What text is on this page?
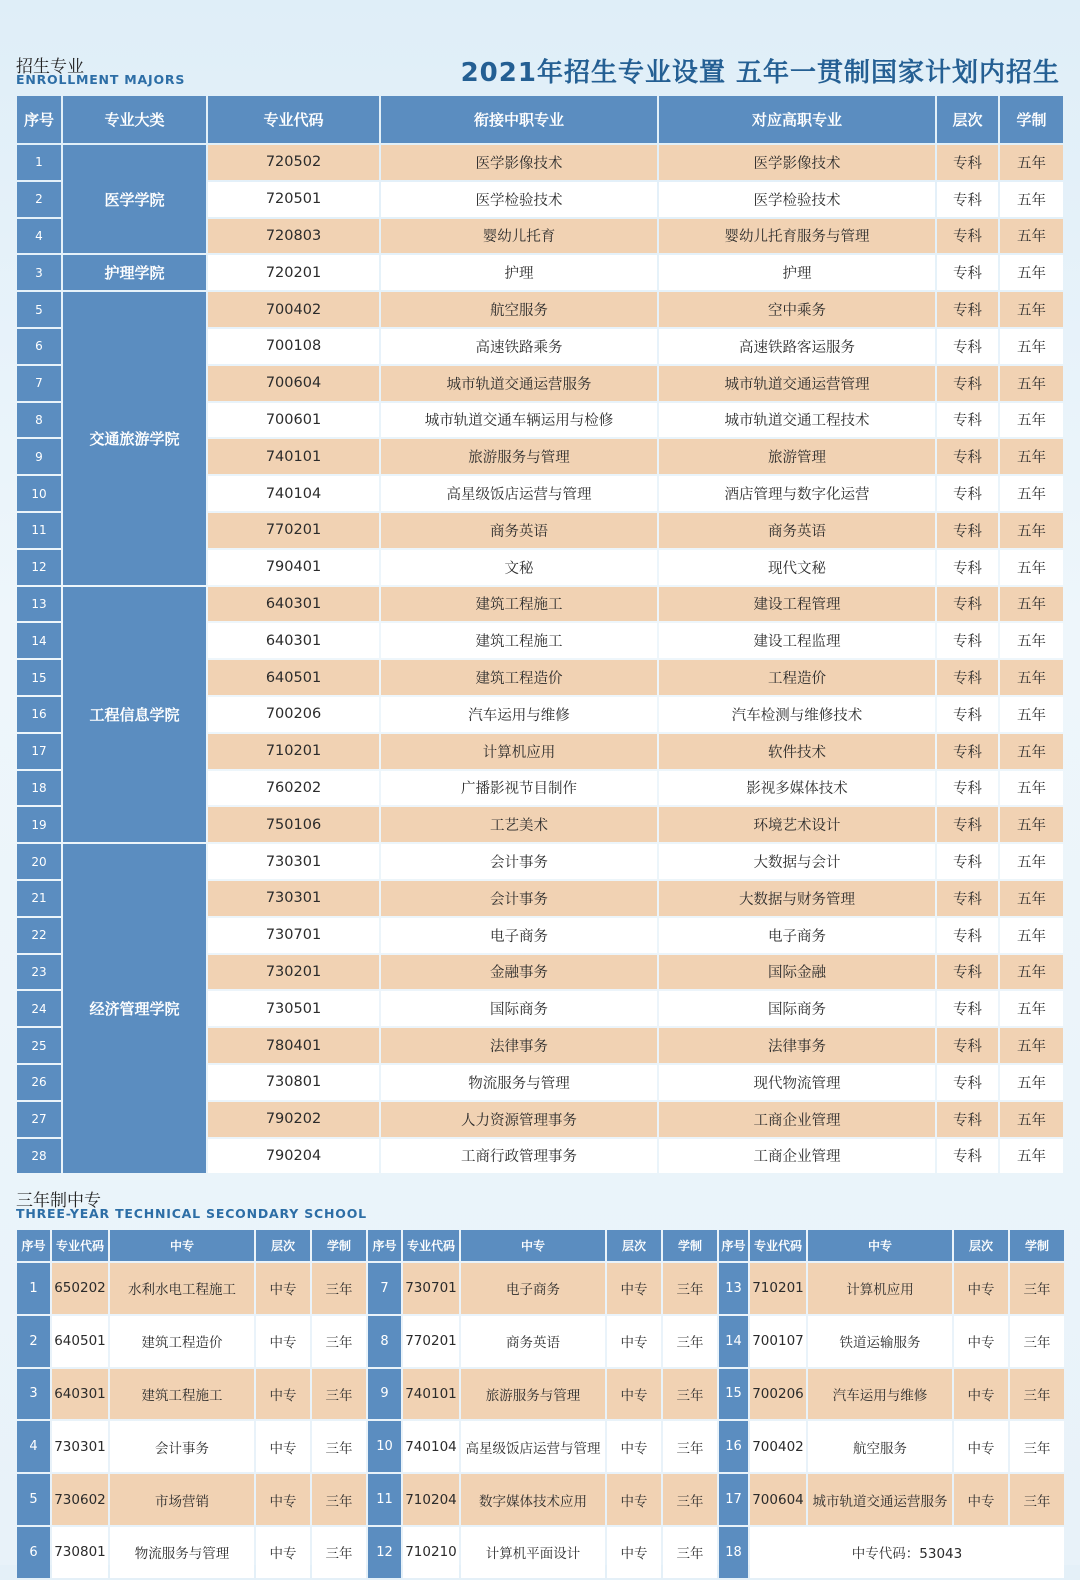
招生专业
ENROLLMENT MAJORS	2021年招生专业设置 五年一贯制国家计划内招生
序号	专业大类	专业代码	衔接中职专业	对应高职专业	层次	学制
1	医学学院	720502	医学影像技术	医学影像技术	专科	五年
2		720501	医学检验技术	医学检验技术	专科	五年
4		720803	婴幼儿托育	婴幼儿托育服务与管理	专科	五年
3	护理学院	720201	护理	护理	专科	五年
5	交通旅游学院	700402	航空服务	空中乘务	专科	五年
6		700108	高速铁路乘务	高速铁路客运服务	专科	五年
7		700604	城市轨道交通运营服务	城市轨道交通运营管理	专科	五年
8		700601	城市轨道交通车辆运用与检修	城市轨道交通工程技术	专科	五年
9		740101	旅游服务与管理	旅游管理	专科	五年
10		740104	高星级饭店运营与管理	酒店管理与数字化运营	专科	五年
11		770201	商务英语	商务英语	专科	五年
12		790401	文秘	现代文秘	专科	五年
13	工程信息学院	640301	建筑工程施工	建设工程管理	专科	五年
14		640301	建筑工程施工	建设工程监理	专科	五年
15		640501	建筑工程造价	工程造价	专科	五年
16		700206	汽车运用与维修	汽车检测与维修技术	专科	五年
17		710201	计算机应用	软件技术	专科	五年
18		760202	广播影视节目制作	影视多媒体技术	专科	五年
19		750106	工艺美术	环境艺术设计	专科	五年
20	经济管理学院	730301	会计事务	大数据与会计	专科	五年
21		730301	会计事务	大数据与财务管理	专科	五年
22		730701	电子商务	电子商务	专科	五年
23		730201	金融事务	国际金融	专科	五年
24		730501	国际商务	国际商务	专科	五年
25		780401	法律事务	法律事务	专科	五年
26		730801	物流服务与管理	现代物流管理	专科	五年
27		790202	人力资源管理事务	工商企业管理	专科	五年
28		790204	工商行政管理事务	工商企业管理	专科	五年
三年制中专
THREE-YEAR TECHNICAL SECONDARY SCHOOL
序号	专业代码	中专	层次	学制	序号	专业代码	中专	层次	学制	序号	专业代码	中专	层次	学制
1	650202	水利水电工程施工	中专	三年	7	730701	电子商务	中专	三年	13	710201	计算机应用	中专	三年
2	640501	建筑工程造价	中专	三年	8	770201	商务英语	中专	三年	14	700107	铁道运输服务	中专	三年
3	640301	建筑工程施工	中专	三年	9	740101	旅游服务与管理	中专	三年	15	700206	汽车运用与维修	中专	三年
4	730301	会计事务	中专	三年	10	740104	高星级饭店运营与管理	中专	三年	16	700402	航空服务	中专	三年
5	730602	市场营销	中专	三年	11	710204	数字媒体技术应用	中专	三年	17	700604	城市轨道交通运营服务	中专	三年
6	730801	物流服务与管理	中专	三年	12	710210	计算机平面设计	中专	三年	18	中专代码：53043			
